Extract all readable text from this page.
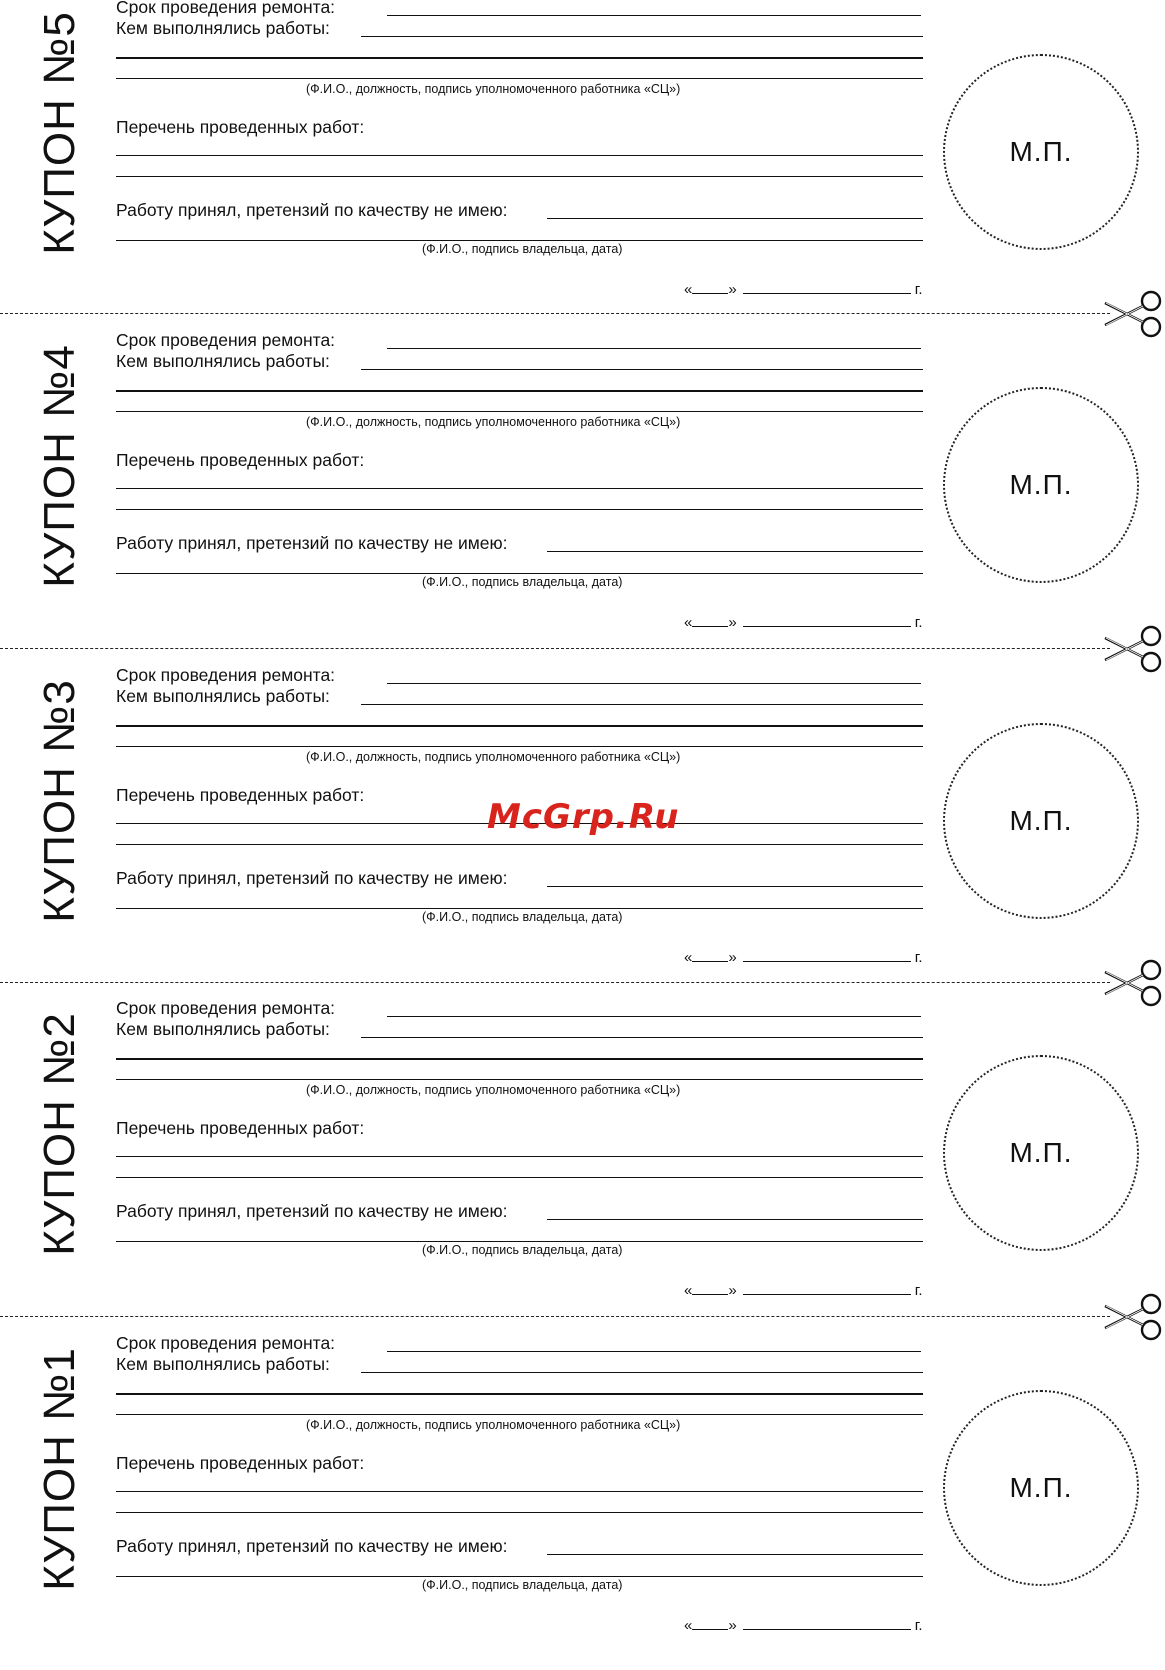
КУПОН №5
Срок проведения ремонта:
Кем выполнялись работы:
(Ф.И.О., должность, подпись уполномоченного работника «СЦ»)
Перечень проведенных работ:
Работу принял, претензий по качеству не имею:
(Ф.И.О., подпись владельца, дата)
« »	г.
М.П.
КУПОН №4
Срок проведения ремонта:
Кем выполнялись работы:
(Ф.И.О., должность, подпись уполномоченного работника «СЦ»)
Перечень проведенных работ:
Работу принял, претензий по качеству не имею:
(Ф.И.О., подпись владельца, дата)
« »	г.
М.П.
КУПОН №3
Срок проведения ремонта:
Кем выполнялись работы:
(Ф.И.О., должность, подпись уполномоченного работника «СЦ»)
Перечень проведенных работ:
Работу принял, претензий по качеству не имею:
(Ф.И.О., подпись владельца, дата)
« »	г.
М.П.
КУПОН №2
Срок проведения ремонта:
Кем выполнялись работы:
(Ф.И.О., должность, подпись уполномоченного работника «СЦ»)
Перечень проведенных работ:
Работу принял, претензий по качеству не имею:
(Ф.И.О., подпись владельца, дата)
« »	г.
М.П.
КУПОН №1
Срок проведения ремонта:
Кем выполнялись работы:
(Ф.И.О., должность, подпись уполномоченного работника «СЦ»)
Перечень проведенных работ:
Работу принял, претензий по качеству не имею:
(Ф.И.О., подпись владельца, дата)
« »	г.
М.П.
McGrp.Ru
